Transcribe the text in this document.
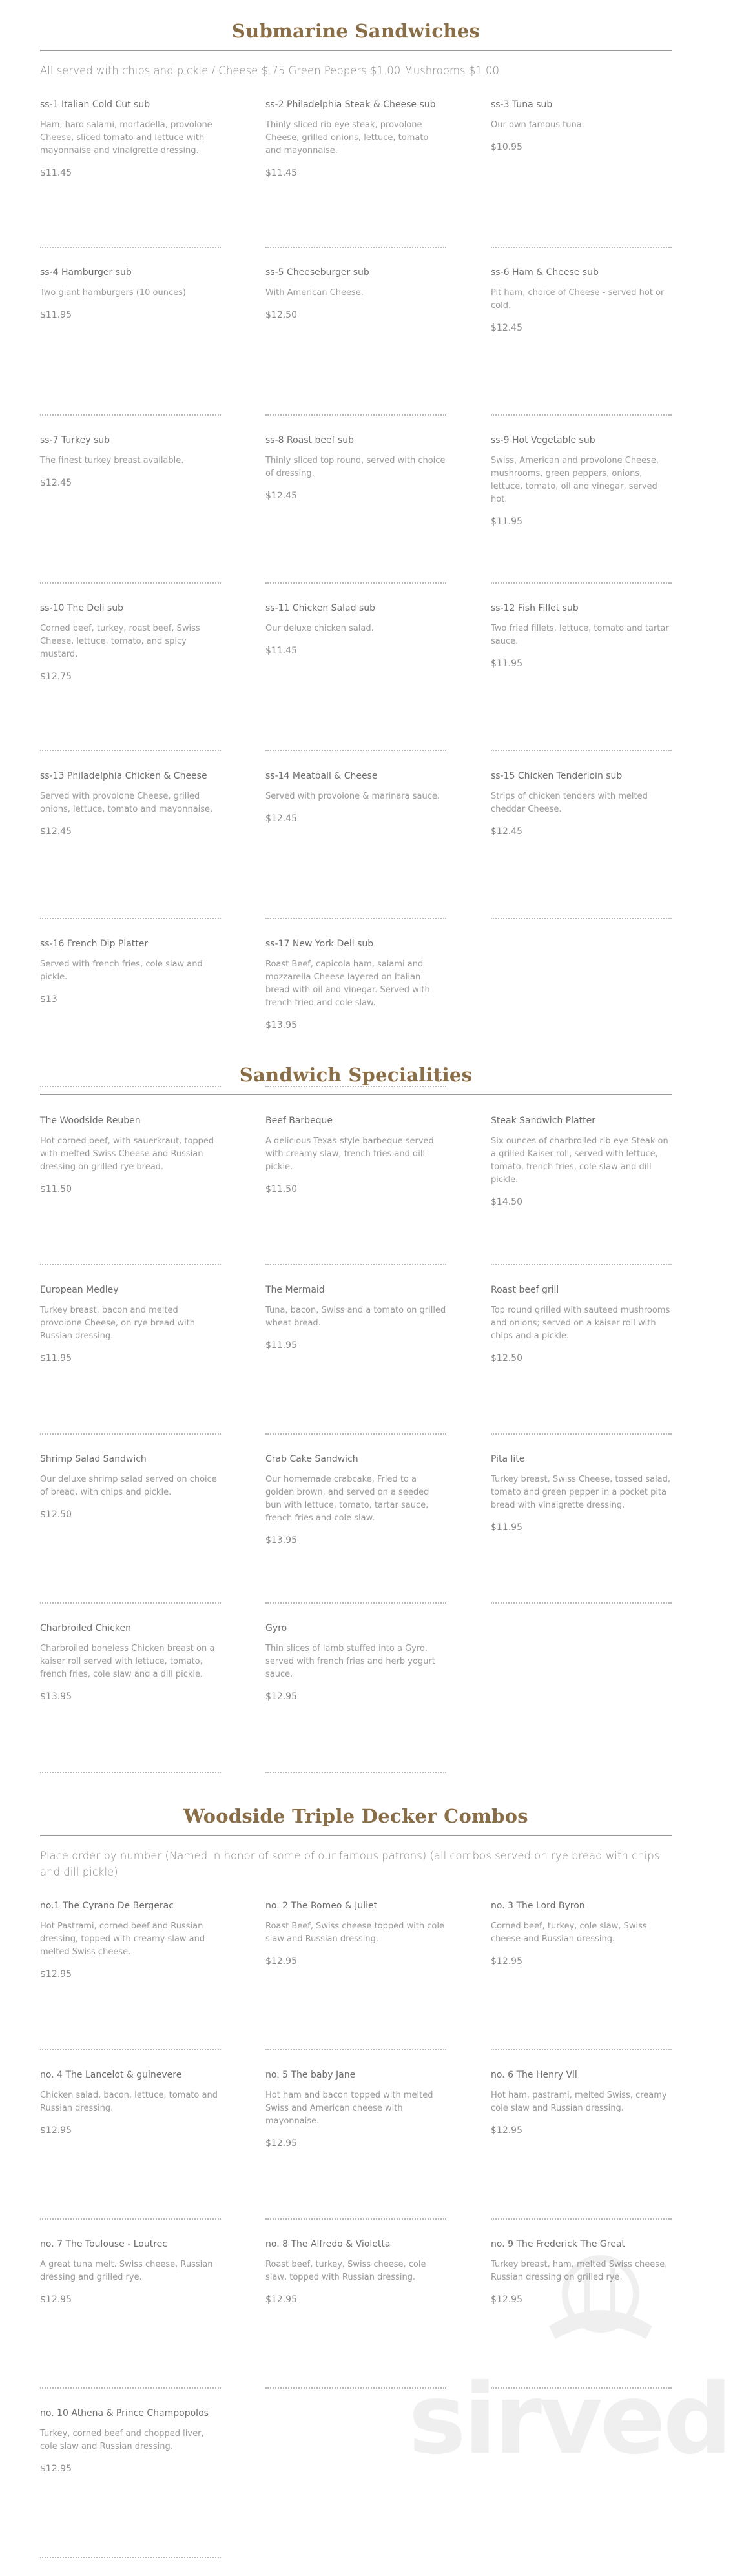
Submarine Sandwiches
All served with chips and pickle / Cheese $.75 Green Peppers $1.00 Mushrooms $1.00
ss-1 Italian Cold Cut sub
Ham, hard salami, mortadella, provolone Cheese, sliced tomato and lettuce with mayonnaise and vinaigrette dressing.
$11.45
ss-2 Philadelphia Steak & Cheese sub
Thinly sliced rib eye steak, provolone Cheese, grilled onions, lettuce, tomato and mayonnaise.
$11.45
ss-3 Tuna sub
Our own famous tuna.
$10.95
ss-4 Hamburger sub
Two giant hamburgers (10 ounces)
$11.95
ss-5 Cheeseburger sub
With American Cheese.
$12.50
ss-6 Ham & Cheese sub
Pit ham, choice of Cheese - served hot or cold.
$12.45
ss-7 Turkey sub
The finest turkey breast available.
$12.45
ss-8 Roast beef sub
Thinly sliced top round, served with choice of dressing.
$12.45
ss-9 Hot Vegetable sub
Swiss, American and provolone Cheese, mushrooms, green peppers, onions, lettuce, tomato, oil and vinegar, served hot.
$11.95
ss-10 The Deli sub
Corned beef, turkey, roast beef, Swiss Cheese, lettuce, tomato, and spicy mustard.
$12.75
ss-11 Chicken Salad sub
Our deluxe chicken salad.
$11.45
ss-12 Fish Fillet sub
Two fried fillets, lettuce, tomato and tartar sauce.
$11.95
ss-13 Philadelphia Chicken & Cheese
Served with provolone Cheese, grilled onions, lettuce, tomato and mayonnaise.
$12.45
ss-14 Meatball & Cheese
Served with provolone & marinara sauce.
$12.45
ss-15 Chicken Tenderloin sub
Strips of chicken tenders with melted cheddar Cheese.
$12.45
ss-16 French Dip Platter
Served with french fries, cole slaw and pickle.
$13
ss-17 New York Deli sub
Roast Beef, capicola ham, salami and mozzarella Cheese layered on Italian bread with oil and vinegar. Served with french fried and cole slaw.
$13.95
Sandwich Specialities
The Woodside Reuben
Hot corned beef, with sauerkraut, topped with melted Swiss Cheese and Russian dressing on grilled rye bread.
$11.50
Beef Barbeque
A delicious Texas-style barbeque served with creamy slaw, french fries and dill pickle.
$11.50
Steak Sandwich Platter
Six ounces of charbroiled rib eye Steak on a grilled Kaiser roll, served with lettuce, tomato, french fries, cole slaw and dill pickle.
$14.50
European Medley
Turkey breast, bacon and melted provolone Cheese, on rye bread with Russian dressing.
$11.95
The Mermaid
Tuna, bacon, Swiss and a tomato on grilled wheat bread.
$11.95
Roast beef grill
Top round grilled with sauteed mushrooms and onions; served on a kaiser roll with chips and a pickle.
$12.50
Shrimp Salad Sandwich
Our deluxe shrimp salad served on choice of bread, with chips and pickle.
$12.50
Crab Cake Sandwich
Our homemade crabcake, Fried to a golden brown, and served on a seeded bun with lettuce, tomato, tartar sauce, french fries and cole slaw.
$13.95
Pita lite
Turkey breast, Swiss Cheese, tossed salad, tomato and green pepper in a pocket pita bread with vinaigrette dressing.
$11.95
Charbroiled Chicken
Charbroiled boneless Chicken breast on a kaiser roll served with lettuce, tomato, french fries, cole slaw and a dill pickle.
$13.95
Gyro
Thin slices of lamb stuffed into a Gyro, served with french fries and herb yogurt sauce.
$12.95
Woodside Triple Decker Combos
Place order by number (Named in honor of some of our famous patrons) (all combos served on rye bread with chips and dill pickle)
no.1 The Cyrano De Bergerac
Hot Pastrami, corned beef and Russian dressing, topped with creamy slaw and melted Swiss cheese.
$12.95
no. 2 The Romeo & Juliet
Roast Beef, Swiss cheese topped with cole slaw and Russian dressing.
$12.95
no. 3 The Lord Byron
Corned beef, turkey, cole slaw, Swiss cheese and Russian dressing.
$12.95
no. 4 The Lancelot & guinevere
Chicken salad, bacon, lettuce, tomato and Russian dressing.
$12.95
no. 5 The baby Jane
Hot ham and bacon topped with melted Swiss and American cheese with mayonnaise.
$12.95
no. 6 The Henry Vll
Hot ham, pastrami, melted Swiss, creamy cole slaw and Russian dressing.
$12.95
no. 7 The Toulouse - Loutrec
A great tuna melt. Swiss cheese, Russian dressing and grilled rye.
$12.95
no. 8 The Alfredo & Violetta
Roast beef, turkey, Swiss cheese, cole slaw, topped with Russian dressing.
$12.95
no. 9 The Frederick The Great
Turkey breast, ham, melted Swiss cheese, Russian dressing on grilled rye.
$12.95
no. 10 Athena & Prince Champopolos
Turkey, corned beef and chopped liver, cole slaw and Russian dressing.
$12.95	sirved
